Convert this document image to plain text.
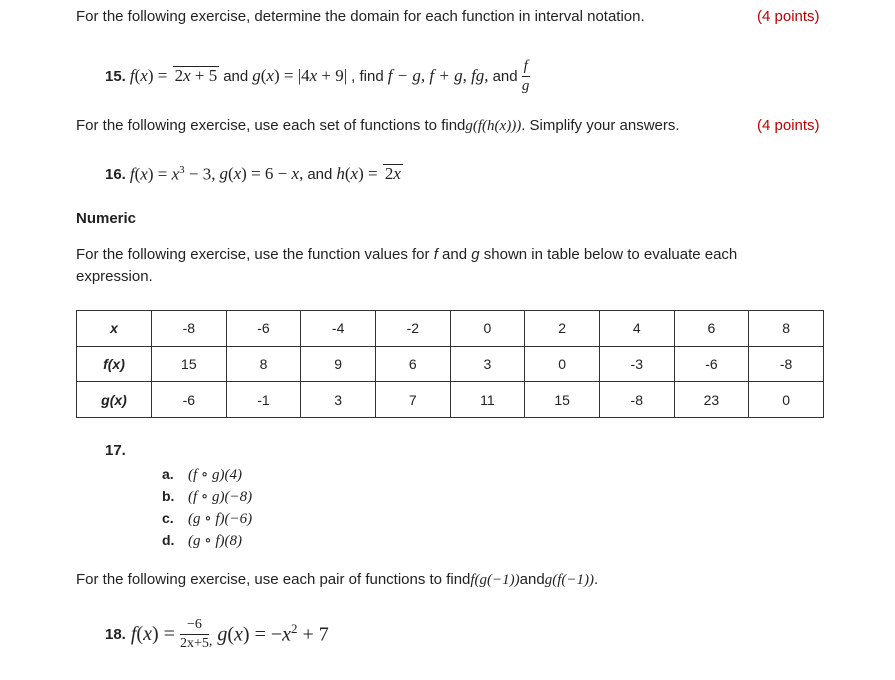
For the following exercise, determine the domain for each function in interval notation.	(4 points)
15. f(x) = 2x + 5 and g(x) = |4x + 9| , find f − g, f + g, fg, and $\frac{f}{g}$
For the following exercise, use each set of functions to findg(f(h(x))). Simplify your answers.	(4 points)
16. $f(x) = x^3 - 3$, g(x) = 6 − x, and h(x) = 2x
Numeric
For the following exercise, use the function values for f and g shown in table below to evaluate each
expression.
x	-8	-6	-4	-2	0	2	4	6	8
f(x)	15	8	9	6	3	0	-3	-6	-8
g(x)	-6	-1	3	7	11	15	-8	23	0
17.
a. (f ∘ g)(4)
b. (f ∘ g)(−8)
c. (g ∘ f)(−6)
d. (g ∘ f)(8)
For the following exercise, use each pair of functions to findf(g(−1))andg(f(−1)).
18. $f(x) = \frac{-6}{2x+5}$ , $g(x) = -x^2 + 7$
